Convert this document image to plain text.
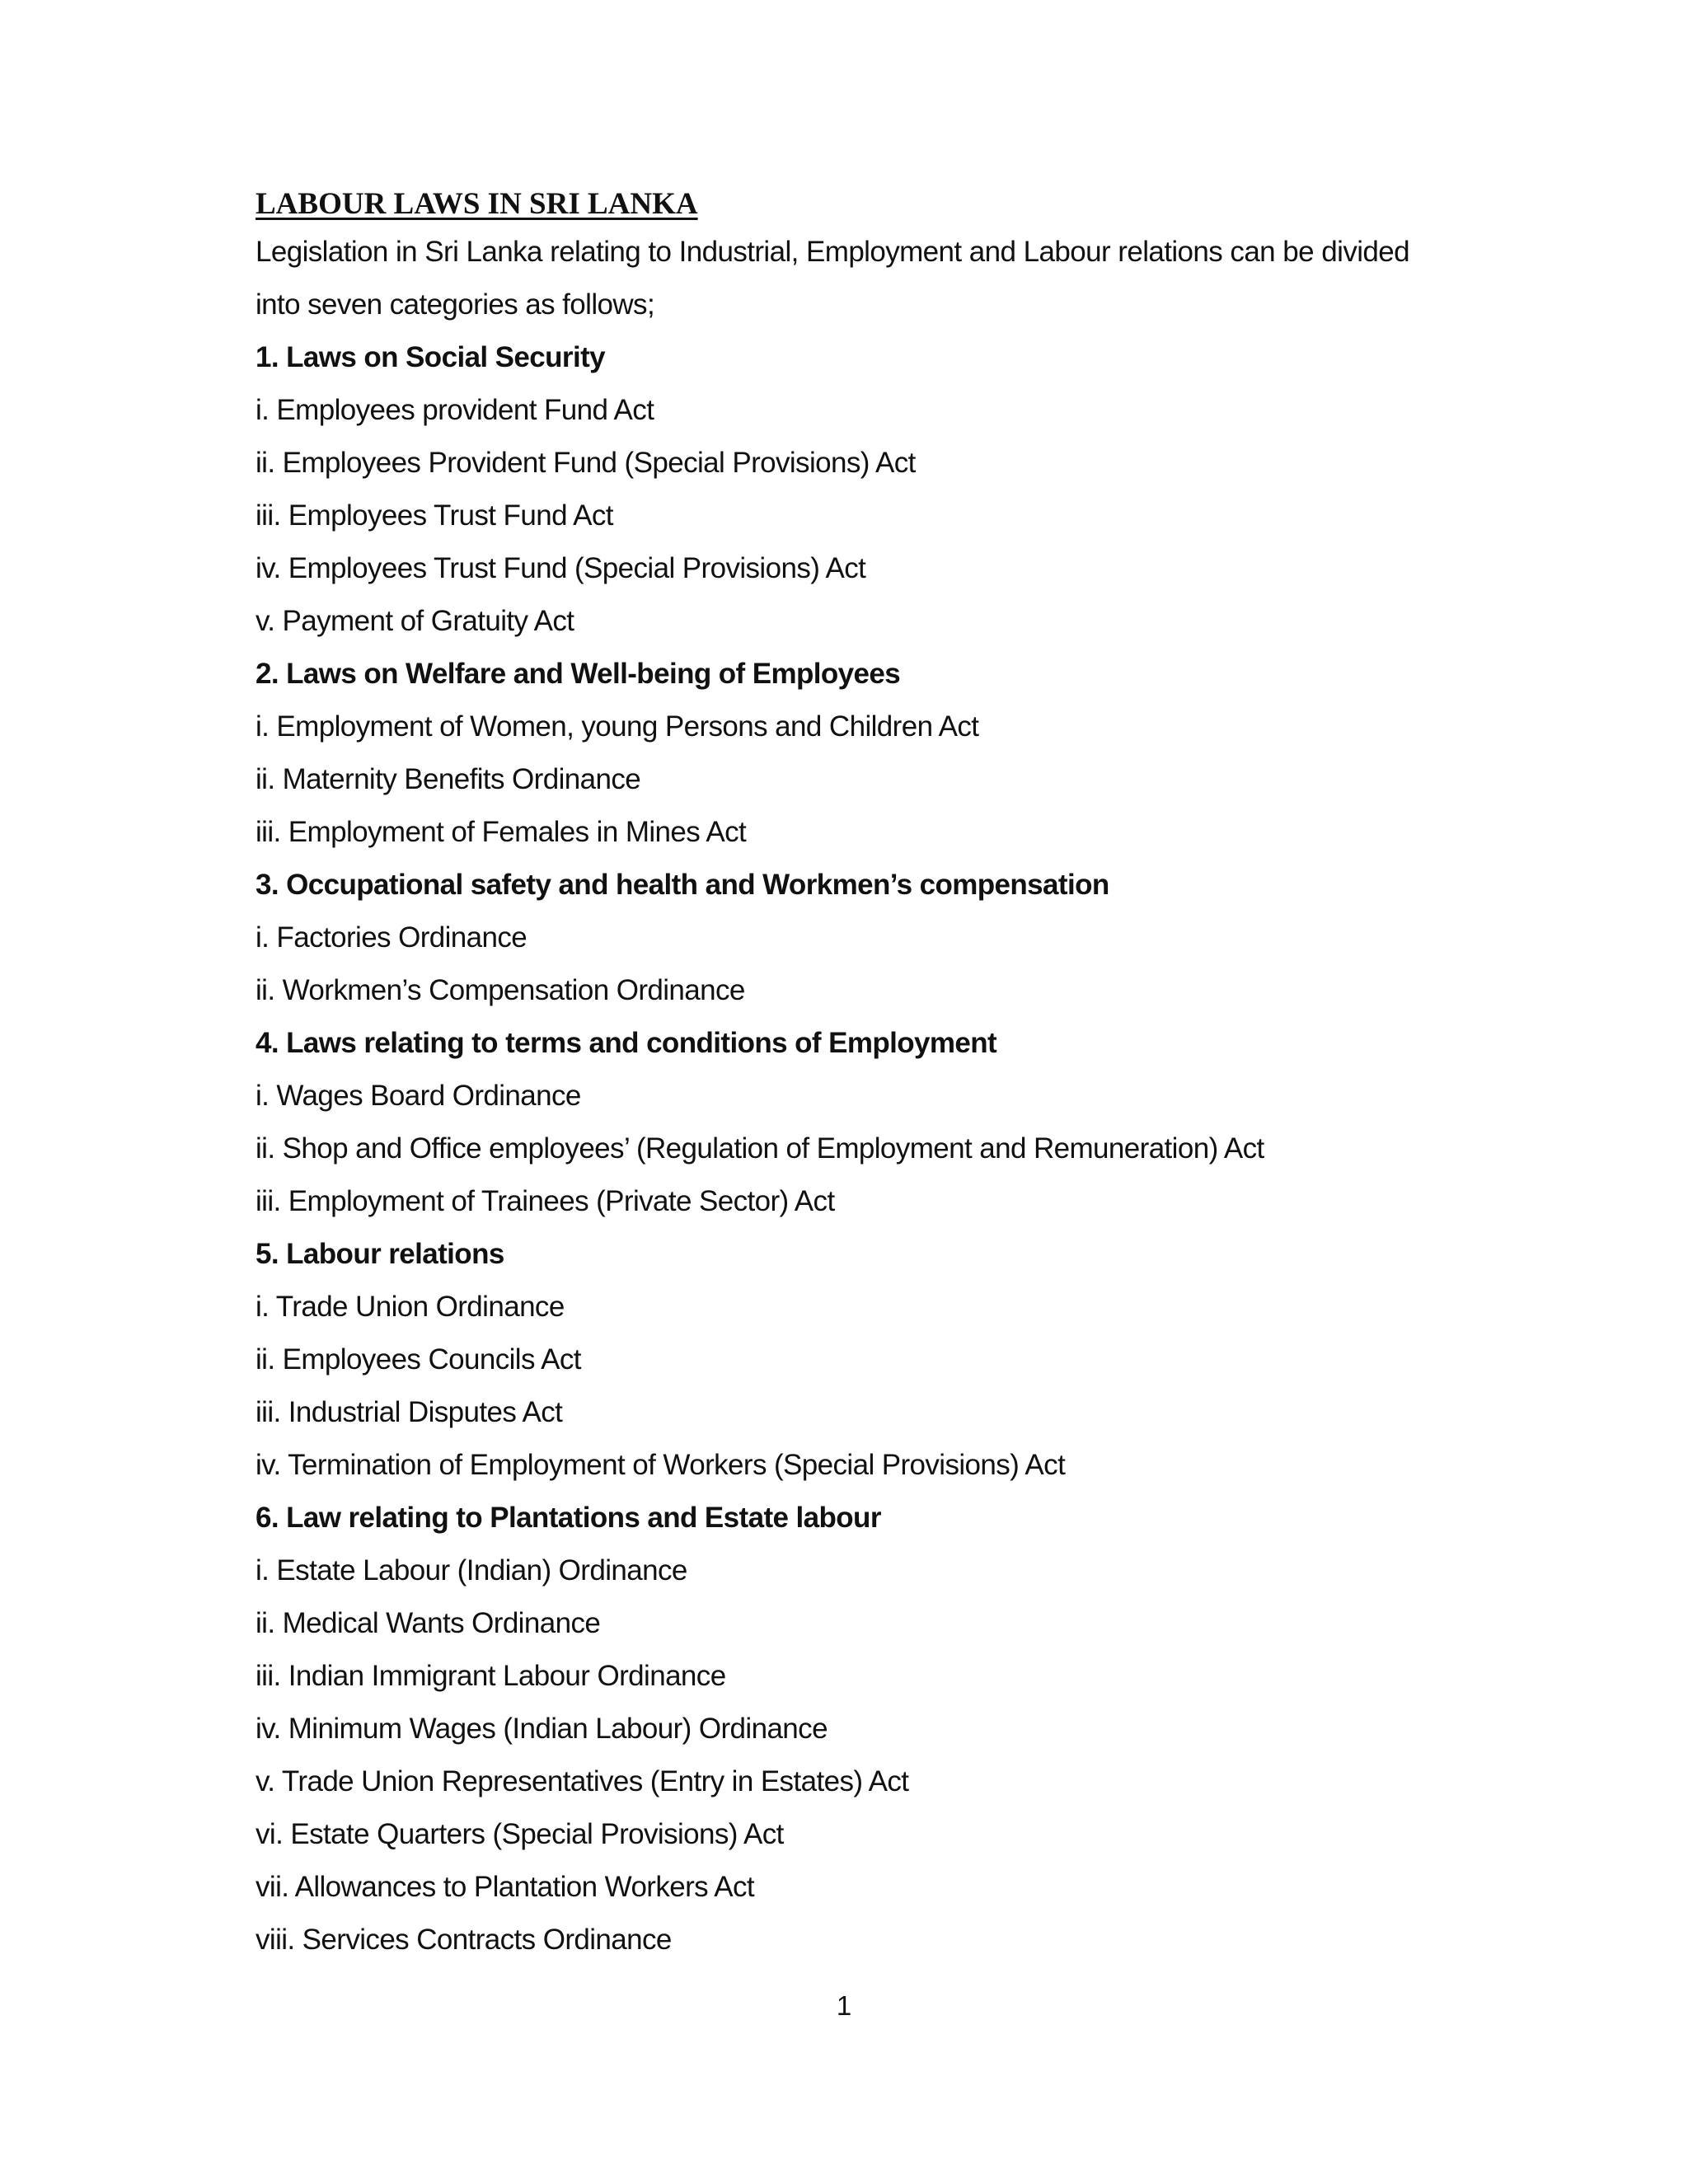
LABOUR LAWS IN SRI LANKA

Legislation in Sri Lanka relating to Industrial, Employment and Labour relations can be divided into seven categories as follows;

1. Laws on Social Security

i. Employees provident Fund Act

ii. Employees Provident Fund (Special Provisions) Act

iii. Employees Trust Fund Act

iv. Employees Trust Fund (Special Provisions) Act

v. Payment of Gratuity Act

2. Laws on Welfare and Well-being of Employees

i. Employment of Women, young Persons and Children Act

ii. Maternity Benefits Ordinance

iii. Employment of Females in Mines Act

3. Occupational safety and health and Workmen’s compensation

i. Factories Ordinance

ii. Workmen’s Compensation Ordinance

4. Laws relating to terms and conditions of Employment

i. Wages Board Ordinance

ii. Shop and Office employees’ (Regulation of Employment and Remuneration) Act

iii. Employment of Trainees (Private Sector) Act

5. Labour relations

i. Trade Union Ordinance

ii. Employees Councils Act

iii. Industrial Disputes Act

iv. Termination of Employment of Workers (Special Provisions) Act

6. Law relating to Plantations and Estate labour

i. Estate Labour (Indian) Ordinance

ii. Medical Wants Ordinance

iii. Indian Immigrant Labour Ordinance

iv. Minimum Wages (Indian Labour) Ordinance

v. Trade Union Representatives (Entry in Estates) Act

vi. Estate Quarters (Special Provisions) Act

vii. Allowances to Plantation Workers Act

viii. Services Contracts Ordinance

1
